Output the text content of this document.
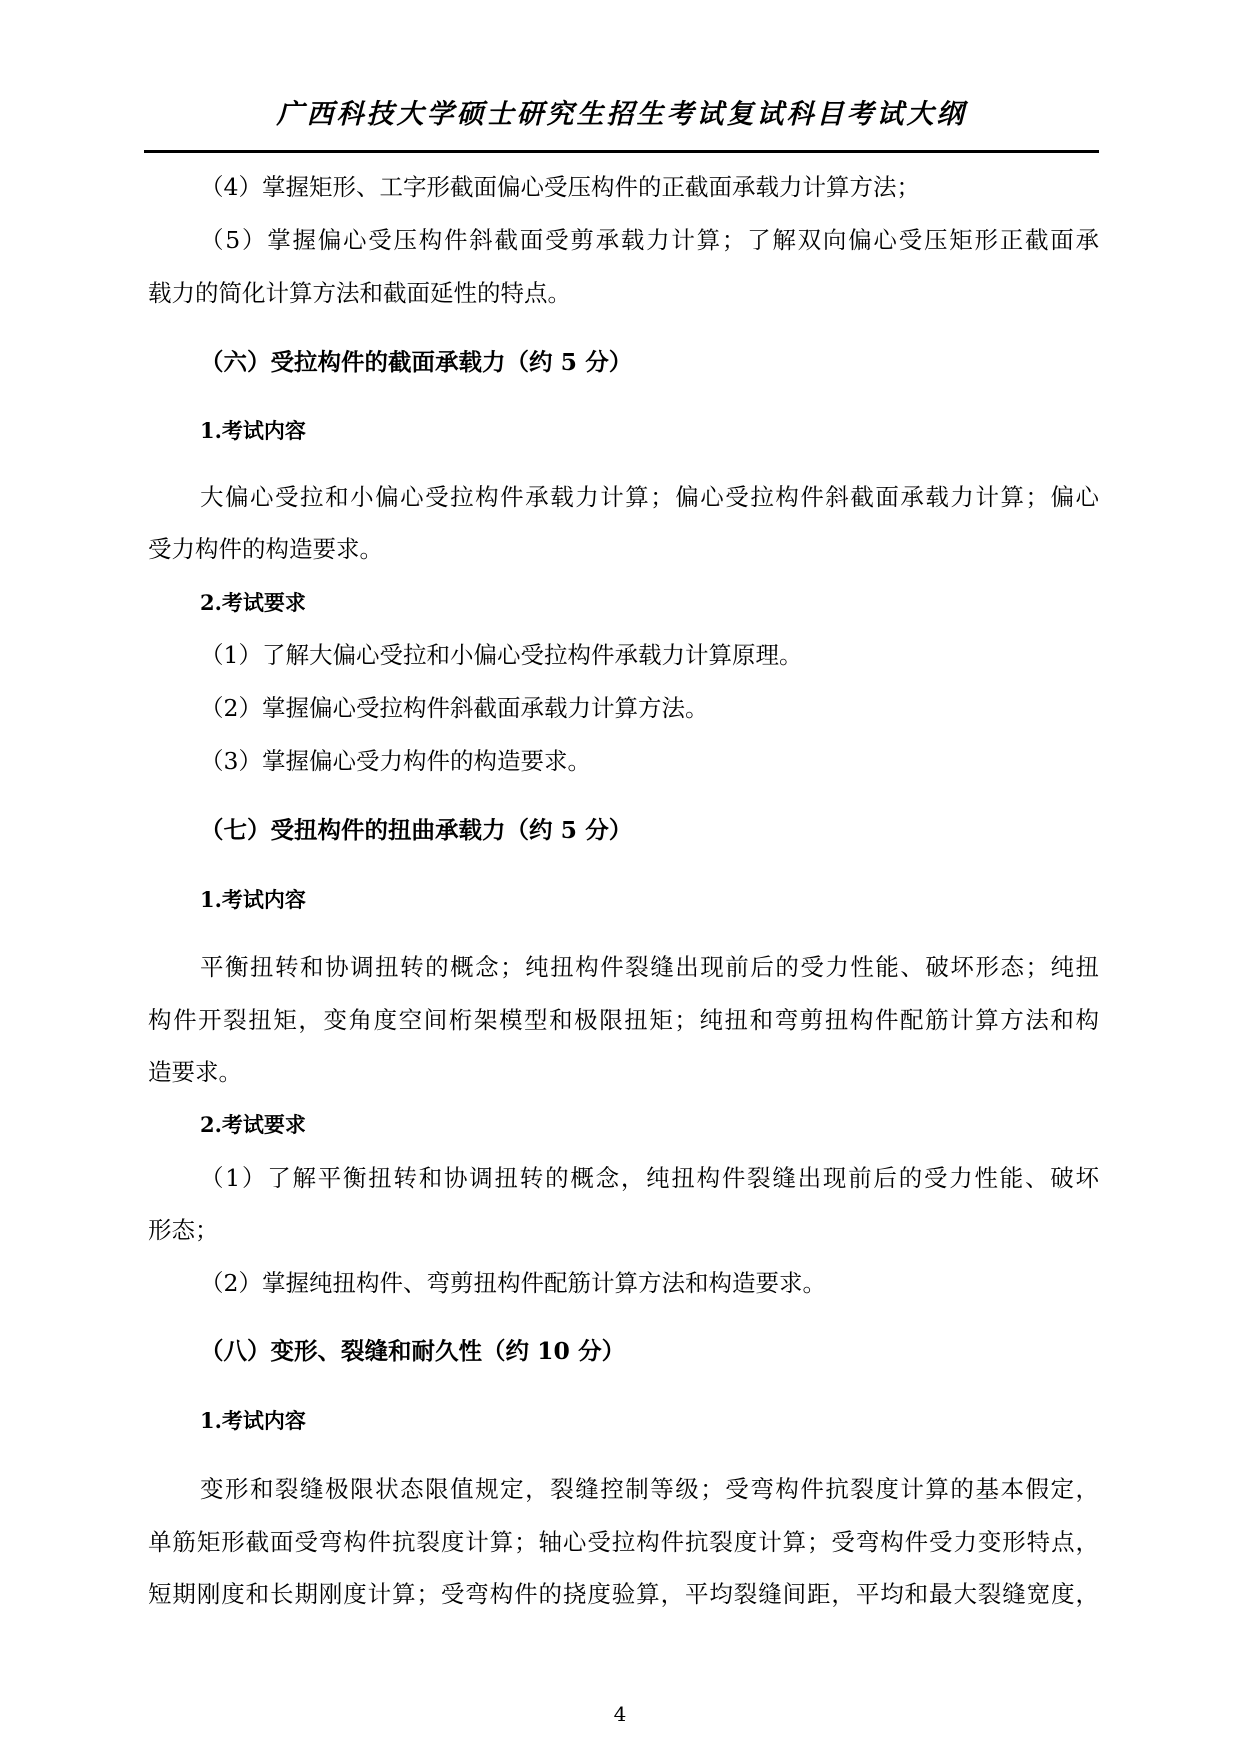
广西科技大学硕士研究生招生考试复试科目考试大纲
（4）掌握矩形、工字形截面偏心受压构件的正截面承载力计算方法；
（5）掌握偏心受压构件斜截面受剪承载力计算；了解双向偏心受压矩形正截面承
载力的简化计算方法和截面延性的特点。
（六）受拉构件的截面承载力（约 5 分）
1.考试内容
大偏心受拉和小偏心受拉构件承载力计算；偏心受拉构件斜截面承载力计算；偏心
受力构件的构造要求。
2.考试要求
（1）了解大偏心受拉和小偏心受拉构件承载力计算原理。
（2）掌握偏心受拉构件斜截面承载力计算方法。
（3）掌握偏心受力构件的构造要求。
（七）受扭构件的扭曲承载力（约 5 分）
1.考试内容
平衡扭转和协调扭转的概念；纯扭构件裂缝出现前后的受力性能、破坏形态；纯扭
构件开裂扭矩，变角度空间桁架模型和极限扭矩；纯扭和弯剪扭构件配筋计算方法和构
造要求。
2.考试要求
（1）了解平衡扭转和协调扭转的概念，纯扭构件裂缝出现前后的受力性能、破坏
形态；
（2）掌握纯扭构件、弯剪扭构件配筋计算方法和构造要求。
（八）变形、裂缝和耐久性（约 10 分）
1.考试内容
变形和裂缝极限状态限值规定，裂缝控制等级；受弯构件抗裂度计算的基本假定，
单筋矩形截面受弯构件抗裂度计算；轴心受拉构件抗裂度计算；受弯构件受力变形特点，
短期刚度和长期刚度计算；受弯构件的挠度验算，平均裂缝间距，平均和最大裂缝宽度，
4
